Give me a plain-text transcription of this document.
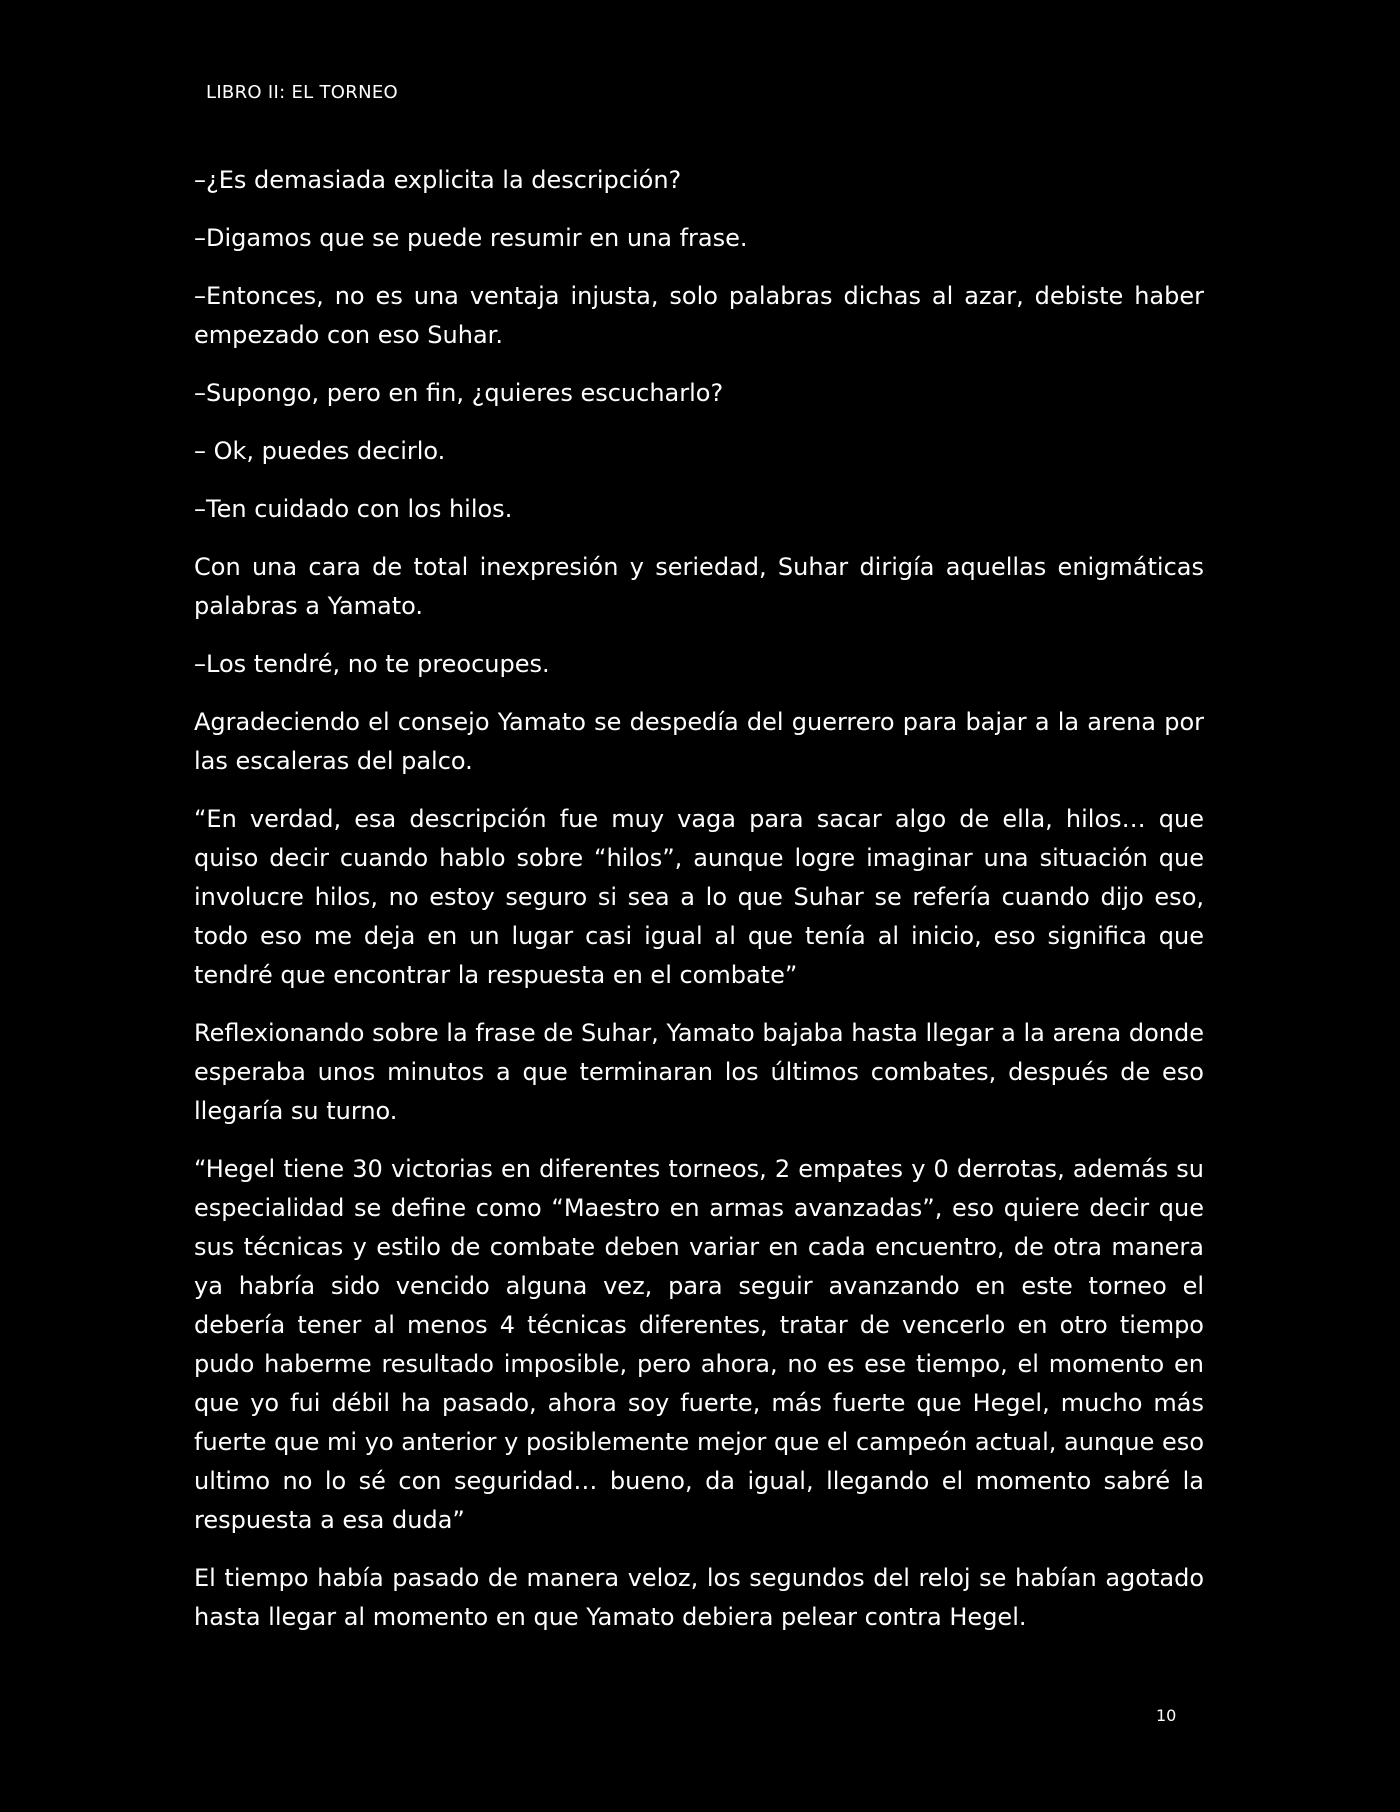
LIBRO II: EL TORNEO

–¿Es demasiada explicita la descripción?

–Digamos que se puede resumir en una frase.

–Entonces, no es una ventaja injusta, solo palabras dichas al azar, debiste haber empezado con eso Suhar.

–Supongo, pero en fin, ¿quieres escucharlo?

– Ok, puedes decirlo.

–Ten cuidado con los hilos.

Con una cara de total inexpresión y seriedad, Suhar dirigía aquellas enigmáticas palabras a Yamato.

–Los tendré, no te preocupes.

Agradeciendo el consejo Yamato se despedía del guerrero para bajar a la arena por las escaleras del palco.

“En verdad, esa descripción fue muy vaga para sacar algo de ella, hilos… que quiso decir cuando hablo sobre “hilos”, aunque logre imaginar una situación que involucre hilos, no estoy seguro si sea a lo que Suhar se refería cuando dijo eso, todo eso me deja en un lugar casi igual al que tenía al inicio, eso significa que tendré que encontrar la respuesta en el combate”

Reflexionando sobre la frase de Suhar, Yamato bajaba hasta llegar a la arena donde esperaba unos minutos a que terminaran los últimos combates, después de eso llegaría su turno.

“Hegel tiene 30 victorias en diferentes torneos, 2 empates y 0 derrotas, además su especialidad se define como “Maestro en armas avanzadas”, eso quiere decir que sus técnicas y estilo de combate deben variar en cada encuentro, de otra manera ya habría sido vencido alguna vez, para seguir avanzando en este torneo el debería tener al menos 4 técnicas diferentes, tratar de vencerlo en otro tiempo pudo haberme resultado imposible, pero ahora, no es ese tiempo, el momento en que yo fui débil ha pasado, ahora soy fuerte, más fuerte que Hegel, mucho más fuerte que mi yo anterior y posiblemente mejor que el campeón actual, aunque eso ultimo no lo sé con seguridad… bueno, da igual, llegando el momento sabré la respuesta a esa duda”

El tiempo había pasado de manera veloz, los segundos del reloj se habían agotado hasta llegar al momento en que Yamato debiera pelear contra Hegel.

10
